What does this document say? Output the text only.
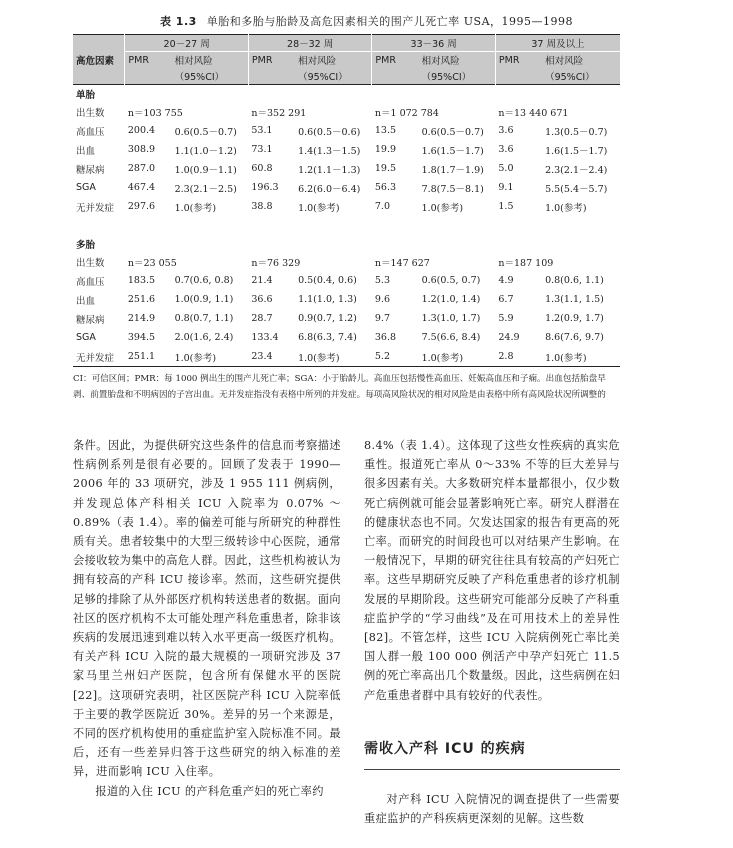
表 1.3 单胎和多胎与胎龄及高危因素相关的围产儿死亡率 USA，1995—1998
高危因素	20－27 周		28－32 周		33－36 周		37 周及以上	
	PMR	相对风险	PMR	相对风险	PMR	相对风险	PMR	相对风险
		（95%CI）		（95%CI）		（95%CI）		（95%CI）
单胎								
出生数	n＝103 755		n＝352 291		n＝1 072 784		n＝13 440 671	
高血压	200.4	0.6(0.5－0.7)	53.1	0.6(0.5－0.6)	13.5	0.6(0.5－0.7)	3.6	1.3(0.5－0.7)
出血	308.9	1.1(1.0－1.2)	73.1	1.4(1.3－1.5)	19.9	1.6(1.5－1.7)	3.6	1.6(1.5－1.7)
糖尿病	287.0	1.0(0.9－1.1)	60.8	1.2(1.1－1.3)	19.5	1.8(1.7－1.9)	5.0	2.3(2.1－2.4)
SGA	467.4	2.3(2.1－2.5)	196.3	6.2(6.0－6.4)	56.3	7.8(7.5－8.1)	9.1	5.5(5.4－5.7)
无并发症	297.6	1.0(参考)	38.8	1.0(参考)	7.0	1.0(参考)	1.5	1.0(参考)

多胎								
出生数	n＝23 055		n＝76 329		n＝147 627		n＝187 109	
高血压	183.5	0.7(0.6, 0.8)	21.4	0.5(0.4, 0.6)	5.3	0.6(0.5, 0.7)	4.9	0.8(0.6, 1.1)
出血	251.6	1.0(0.9, 1.1)	36.6	1.1(1.0, 1.3)	9.6	1.2(1.0, 1.4)	6.7	1.3(1.1, 1.5)
糖尿病	214.9	0.8(0.7, 1.1)	28.7	0.9(0.7, 1.2)	9.7	1.3(1.0, 1.7)	5.9	1.2(0.9, 1.7)
SGA	394.5	2.0(1.6, 2.4)	133.4	6.8(6.3, 7.4)	36.8	7.5(6.6, 8.4)	24.9	8.6(7.6, 9.7)
无并发症	251.1	1.0(参考)	23.4	1.0(参考)	5.2	1.0(参考)	2.8	1.0(参考)
CI：可信区间；PMR：每 1000 例出生的围产儿死亡率；SGA：小于胎龄儿。高血压包括慢性高血压、妊娠高血压和子痫。出血包括胎盘早剥、前置胎盘和不明病因的子宫出血。无并发症指没有表格中所列的并发症。每项高风险状况的相对风险是由表格中所有高风险状况所调整的

条件。因此，为提供研究这些条件的信息而考察描述性病例系列是很有必要的。回顾了发表于 1990—2006 年的 33 项研究，涉及 1 955 111 例病例，并发现总体产科相关 ICU 入院率为 0.07% ～0.89%（表 1.4）。率的偏差可能与所研究的种群性质有关。患者较集中的大型三级转诊中心医院，通常会接收较为集中的高危人群。因此，这些机构被认为拥有较高的产科 ICU 接诊率。然而，这些研究提供足够的排除了从外部医疗机构转送患者的数据。面向社区的医疗机构不太可能处理产科危重患者，除非该疾病的发展迅速到难以转入水平更高一级医疗机构。有关产科 ICU 入院的最大规模的一项研究涉及 37 家马里兰州妇产医院，包含所有保健水平的医院[22]。这项研究表明，社区医院产科 ICU 入院率低于主要的教学医院近 30%。差异的另一个来源是，不同的医疗机构使用的重症监护室入院标准不同。最后，还有一些差异归答于这些研究的纳入标准的差异，进而影响 ICU 入住率。

报道的入住 ICU 的产科危重产妇的死亡率约

8.4%（表 1.4）。这体现了这些女性疾病的真实危重性。报道死亡率从 0～33% 不等的巨大差异与很多因素有关。大多数研究样本量都很小，仅少数死亡病例就可能会显著影响死亡率。研究人群潜在的健康状态也不同。欠发达国家的报告有更高的死亡率。而研究的时间段也可以对结果产生影响。在一般情况下，早期的研究往往具有较高的产妇死亡率。这些早期研究反映了产科危重患者的诊疗机制发展的早期阶段。这些研究可能部分反映了产科重症监护学的“学习曲线”及在可用技术上的差异性[82]。不管怎样，这些 ICU 入院病例死亡率比美国人群一般 100 000 例活产中孕产妇死亡 11.5 例的死亡率高出几个数量级。因此，这些病例在妇产危重患者群中具有较好的代表性。

需收入产科 ICU 的疾病

对产科 ICU 入院情况的调查提供了一些需要重症监护的产科疾病更深刻的见解。这些数
